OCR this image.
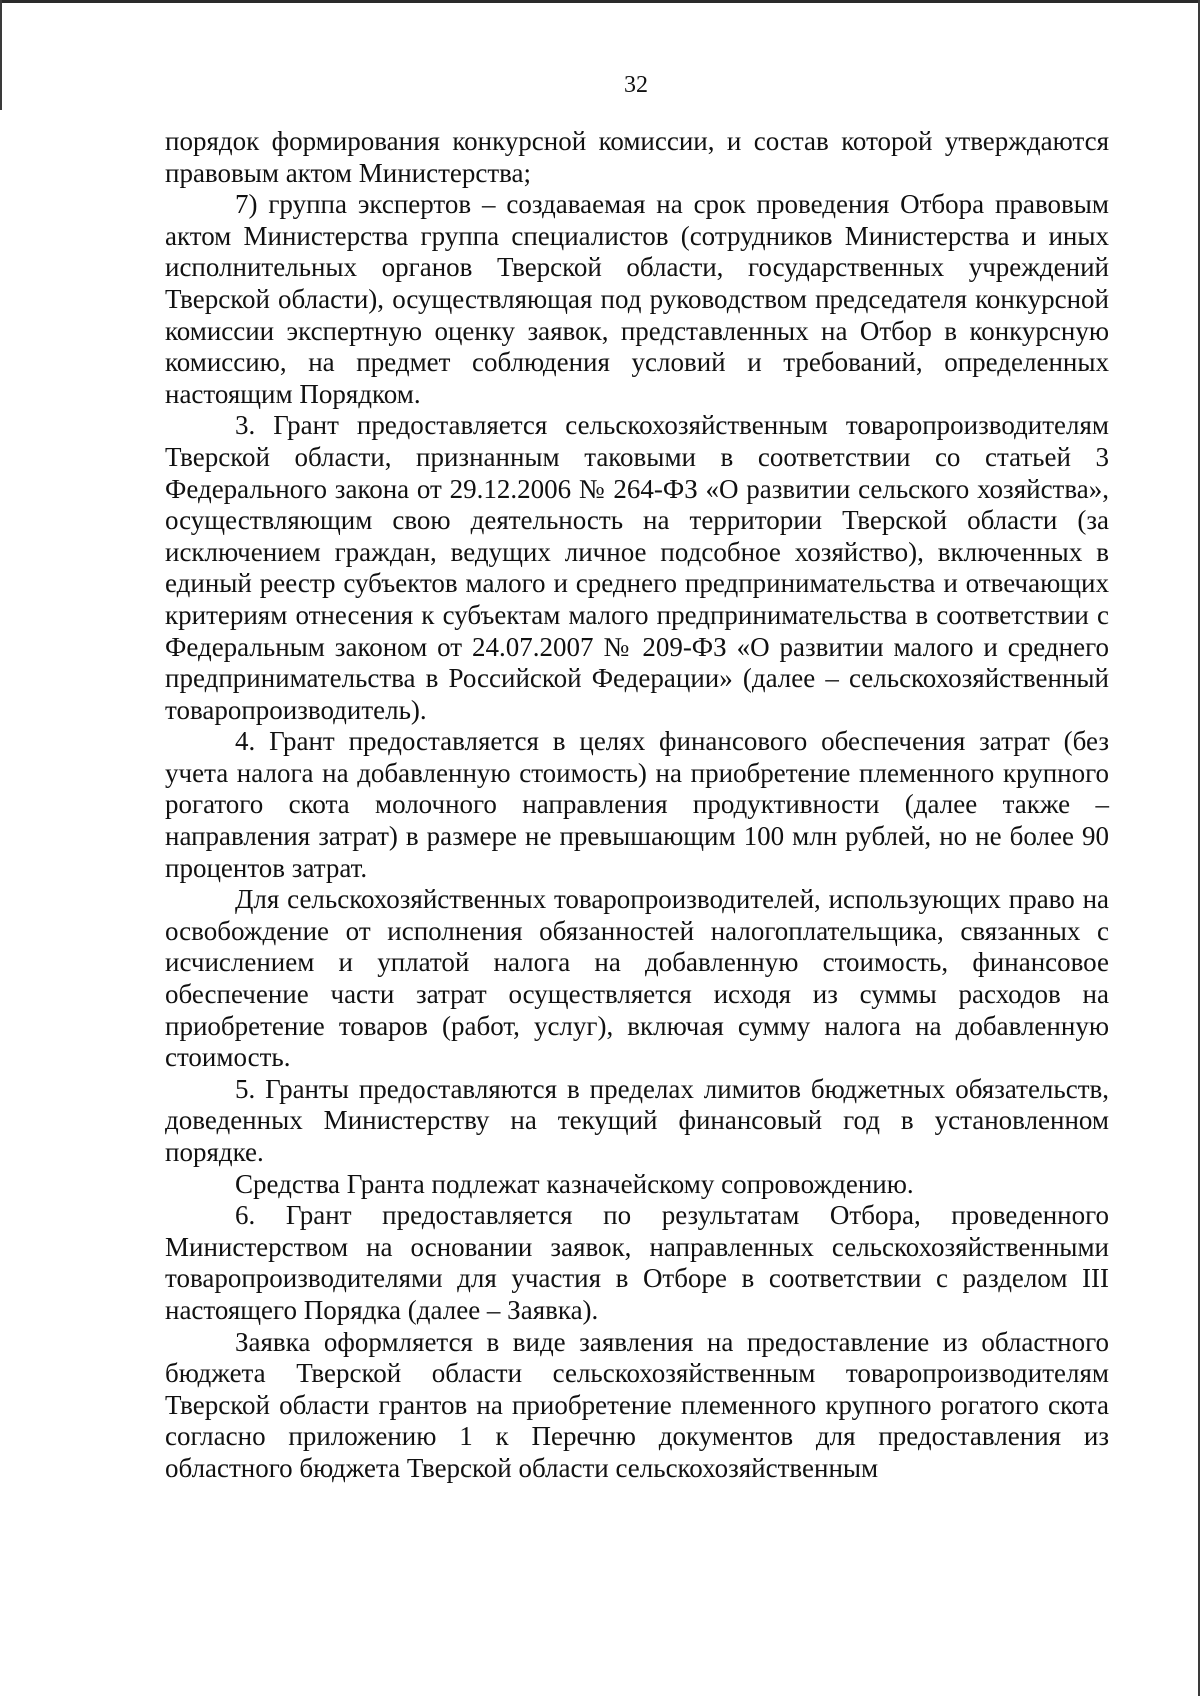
32

порядок формирования конкурсной комиссии, и состав которой утверждаются правовым актом Министерства;

7) группа экспертов – создаваемая на срок проведения Отбора правовым актом Министерства группа специалистов (сотрудников Министерства и иных исполнительных органов Тверской области, государственных учреждений Тверской области), осуществляющая под руководством председателя конкурсной комиссии экспертную оценку заявок, представленных на Отбор в конкурсную комиссию, на предмет соблюдения условий и требований, определенных настоящим Порядком.

3. Грант предоставляется сельскохозяйственным товаропроизводителям Тверской области, признанным таковыми в соответствии со статьей 3 Федерального закона от 29.12.2006 № 264-ФЗ «О развитии сельского хозяйства», осуществляющим свою деятельность на территории Тверской области (за исключением граждан, ведущих личное подсобное хозяйство), включенных в единый реестр субъектов малого и среднего предпринимательства и отвечающих критериям отнесения к субъектам малого предпринимательства в соответствии с Федеральным законом от 24.07.2007 № 209-ФЗ «О развитии малого и среднего предпринимательства в Российской Федерации» (далее – сельскохозяйственный товаропроизводитель).

4. Грант предоставляется в целях финансового обеспечения затрат (без учета налога на добавленную стоимость) на приобретение племенного крупного рогатого скота молочного направления продуктивности (далее также – направления затрат) в размере не превышающим 100 млн рублей, но не более 90 процентов затрат.

Для сельскохозяйственных товаропроизводителей, использующих право на освобождение от исполнения обязанностей налогоплательщика, связанных с исчислением и уплатой налога на добавленную стоимость, финансовое обеспечение части затрат осуществляется исходя из суммы расходов на приобретение товаров (работ, услуг), включая сумму налога на добавленную стоимость.

5. Гранты предоставляются в пределах лимитов бюджетных обязательств, доведенных Министерству на текущий финансовый год в установленном порядке.

Средства Гранта подлежат казначейскому сопровождению.

6. Грант предоставляется по результатам Отбора, проведенного Министерством на основании заявок, направленных сельскохозяйственными товаропроизводителями для участия в Отборе в соответствии с разделом III настоящего Порядка (далее – Заявка).

Заявка оформляется в виде заявления на предоставление из областного бюджета Тверской области сельскохозяйственным товаропроизводителям Тверской области грантов на приобретение племенного крупного рогатого скота согласно приложению 1 к Перечню документов для предоставления из областного бюджета Тверской области сельскохозяйственным
